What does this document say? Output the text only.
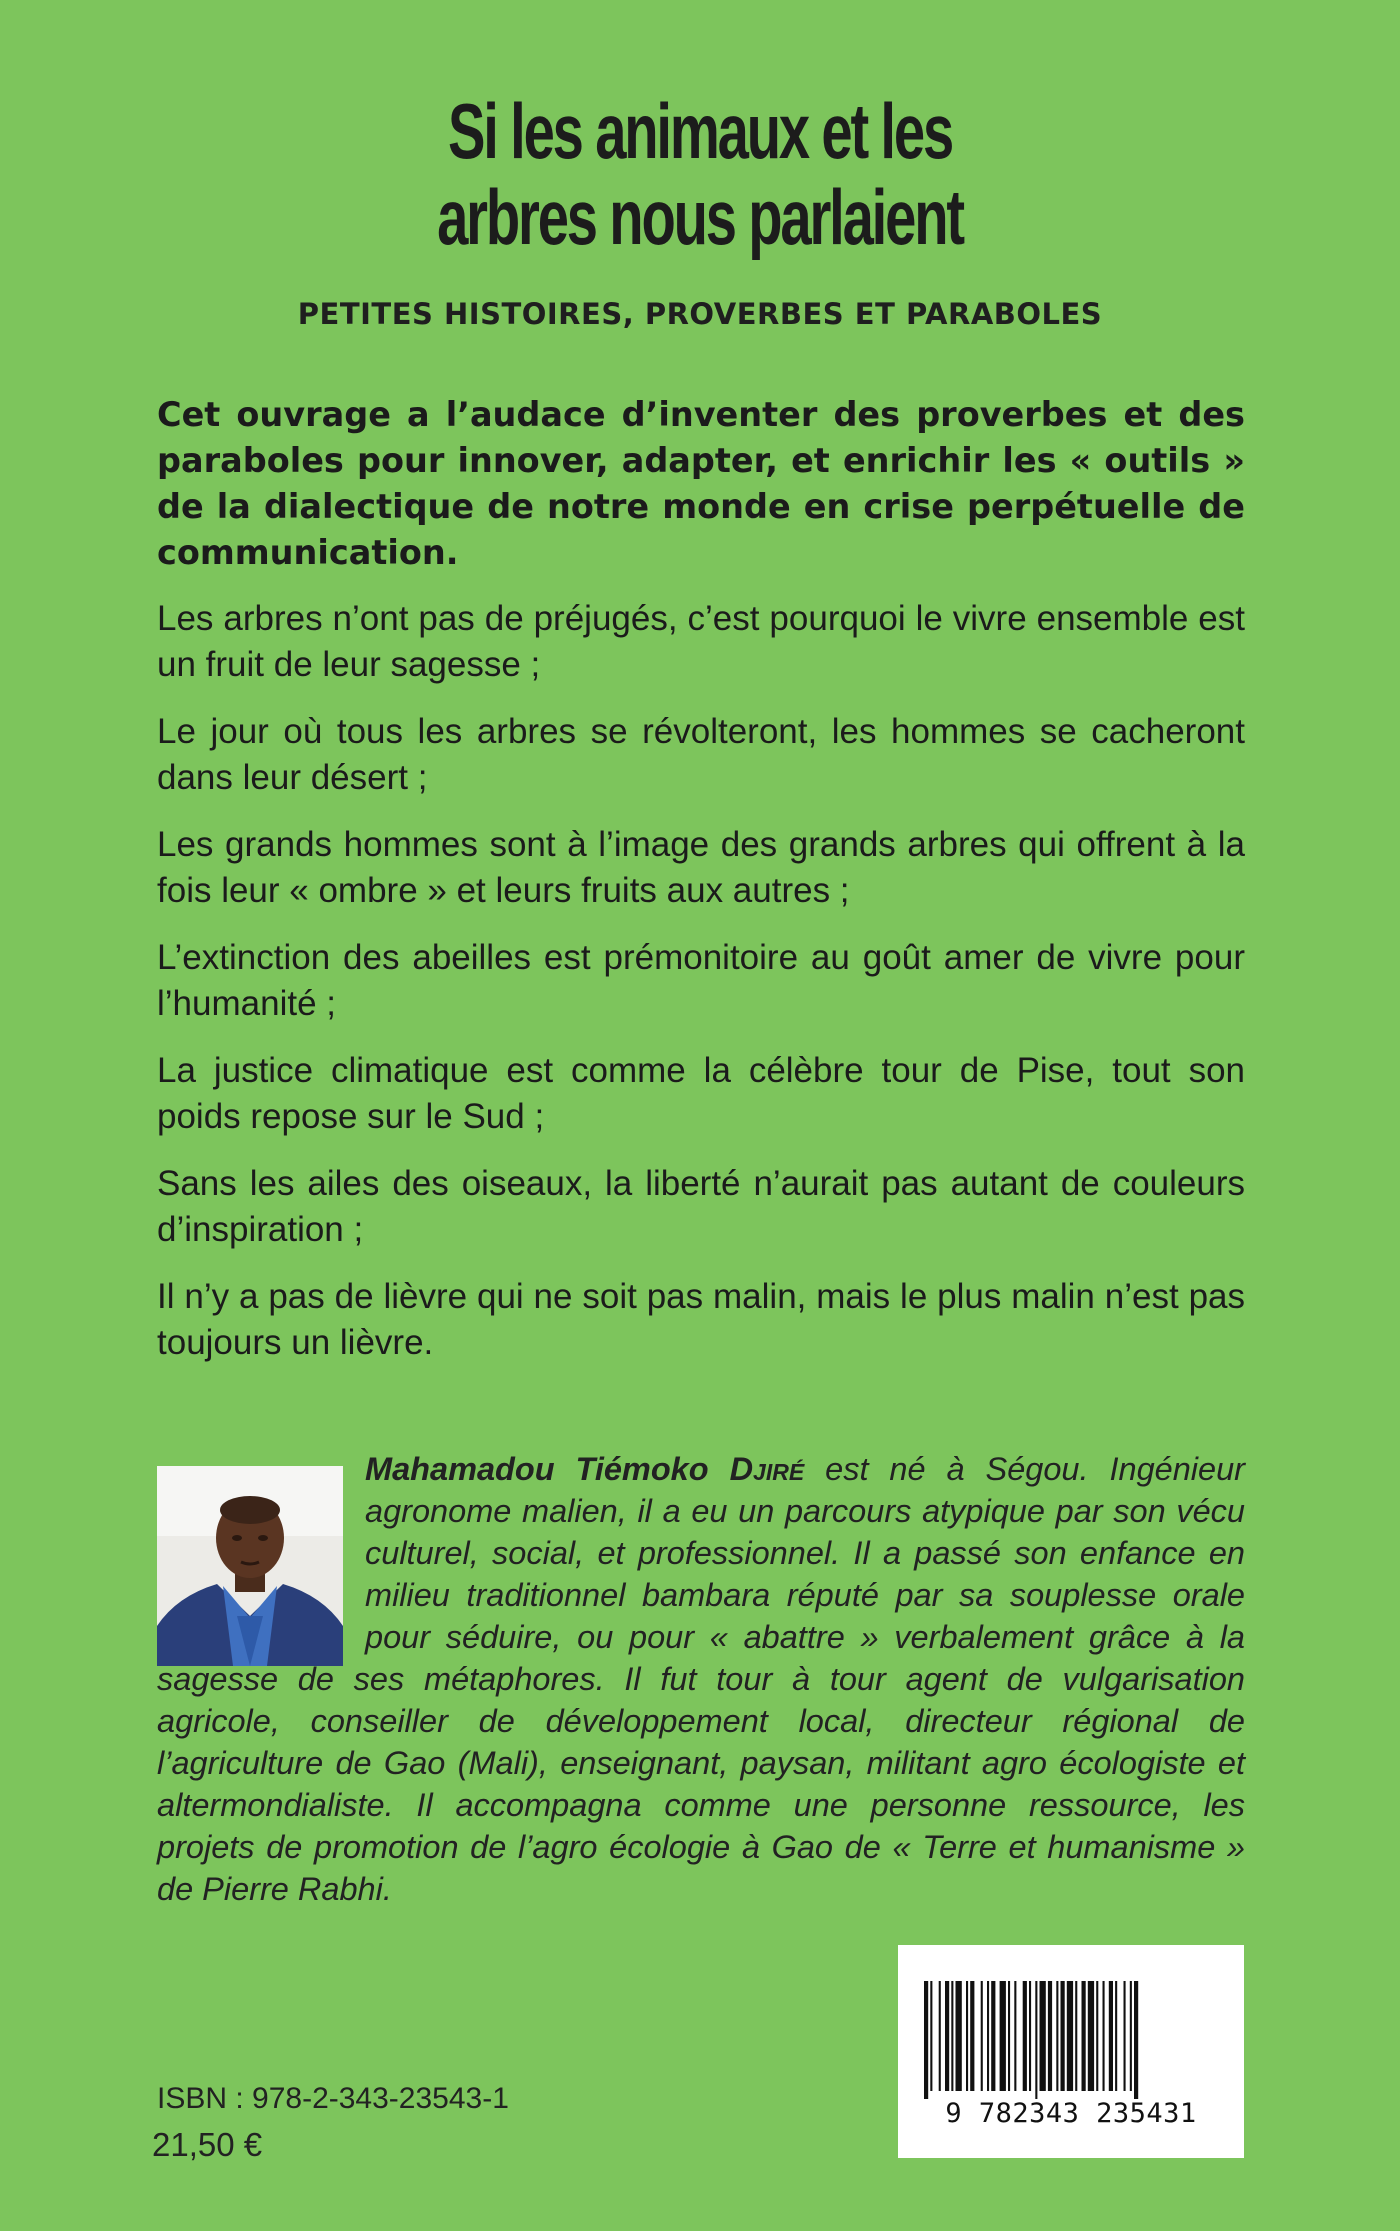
Si les animaux et les
arbres nous parlaient
PETITES HISTOIRES, PROVERBES ET PARABOLES

Cet ouvrage a l’audace d’inventer des proverbes et des paraboles pour innover, adapter, et enrichir les « outils » de la dialectique de notre monde en crise perpétuelle de communication.

Les arbres n’ont pas de préjugés, c’est pourquoi le vivre ensemble est un fruit de leur sagesse ;

Le jour où tous les arbres se révolteront, les hommes se cacheront dans leur désert ;

Les grands hommes sont à l’image des grands arbres qui offrent à la fois leur « ombre » et leurs fruits aux autres ;

L’extinction des abeilles est prémonitoire au goût amer de vivre pour l’humanité ;

La justice climatique est comme la célèbre tour de Pise, tout son poids repose sur le Sud ;

Sans les ailes des oiseaux, la liberté n’aurait pas autant de couleurs d’inspiration ;

Il n’y a pas de lièvre qui ne soit pas malin, mais le plus malin n’est pas toujours un lièvre.

Mahamadou Tiémoko Djiré est né à Ségou. Ingénieur agronome malien, il a eu un parcours atypique par son vécu culturel, social, et professionnel. Il a passé son enfance en milieu traditionnel bambara réputé par sa souplesse orale pour séduire, ou pour « abattre » verbalement grâce à la sagesse de ses métaphores. Il fut tour à tour agent de vulgarisation agricole, conseiller de développement local, directeur régional de l’agriculture de Gao (Mali), enseignant, paysan, militant agro écologiste et altermondialiste. Il accompagna comme une personne ressource, les projets de promotion de l’agro écologie à Gao de « Terre et humanisme » de Pierre Rabhi.
9 782343 235431
ISBN : 978-2-343-23543-1
21,50 €
